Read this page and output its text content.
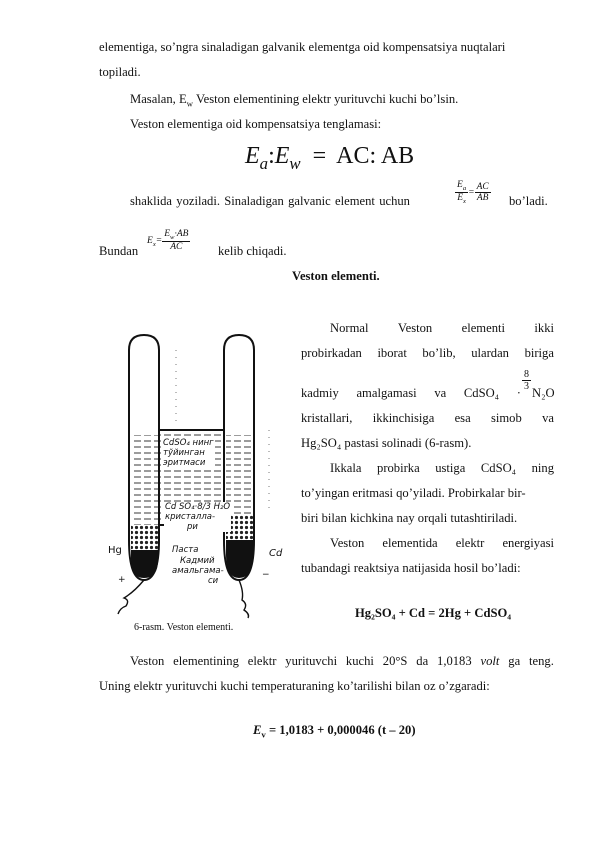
elementiga, so’ngra sinaladigan galvanik elementga oid kompensatsiya nuqtalari
topiladi.
Masalan, $E_w$ Veston elementining elektr yurituvchi kuchi bo’lsin.
Veston elementiga oid kompensatsiya tenglamasi:
$E_a:E_w$ = AC: AB
shaklida yoziladi. Sinaladigan galvanic element uchun	$\frac{E_a}{E_x} = \frac{AC}{AB}$ bo’ladi.
Bundan
$E_x= \frac{E_w\cdot AB}{AC}$ kelib chiqadi.
Veston elementi.
Normal Veston elementi ikki
probirkadan iborat bo’lib, ulardan biriga
kadmiy amalgamasi va CdSO₄ ·
$\frac{8}{3}$
N₂O
kristallari, ikkinchisiga esa simob va
Hg₂SO₄ pastasi solinadi (6-rasm).
Ikkala probirka ustiga CdSO₄ ning
to’yingan eritmasi qo’yiladi. Probirkalar bir-
biri bilan kichkina nay orqali tutashtiriladi.
Veston elementida elektr energiyasi
tubandagi reaktsiya natijasida hosil bo’ladi:
Hg₂SO₄ + Cd = 2Hg + CdSO₄
CdSO₄ нинг
тўйинган
эритмаси
Cd SO₄·8/3 H₂O
кристалла-
ри
Паста
Кадмий
амальгама-
си
Hg	Cd
+	−
6-rasm. Veston elementi.
Veston elementining elektr yurituvchi kuchi 20°S da 1,0183 volt ga teng.
Uning elektr yurituvchi kuchi temperaturaning ko’tarilishi bilan oz o’zgaradi:
$E_v = 1,0183 + 0,000046$ (t – 20)
